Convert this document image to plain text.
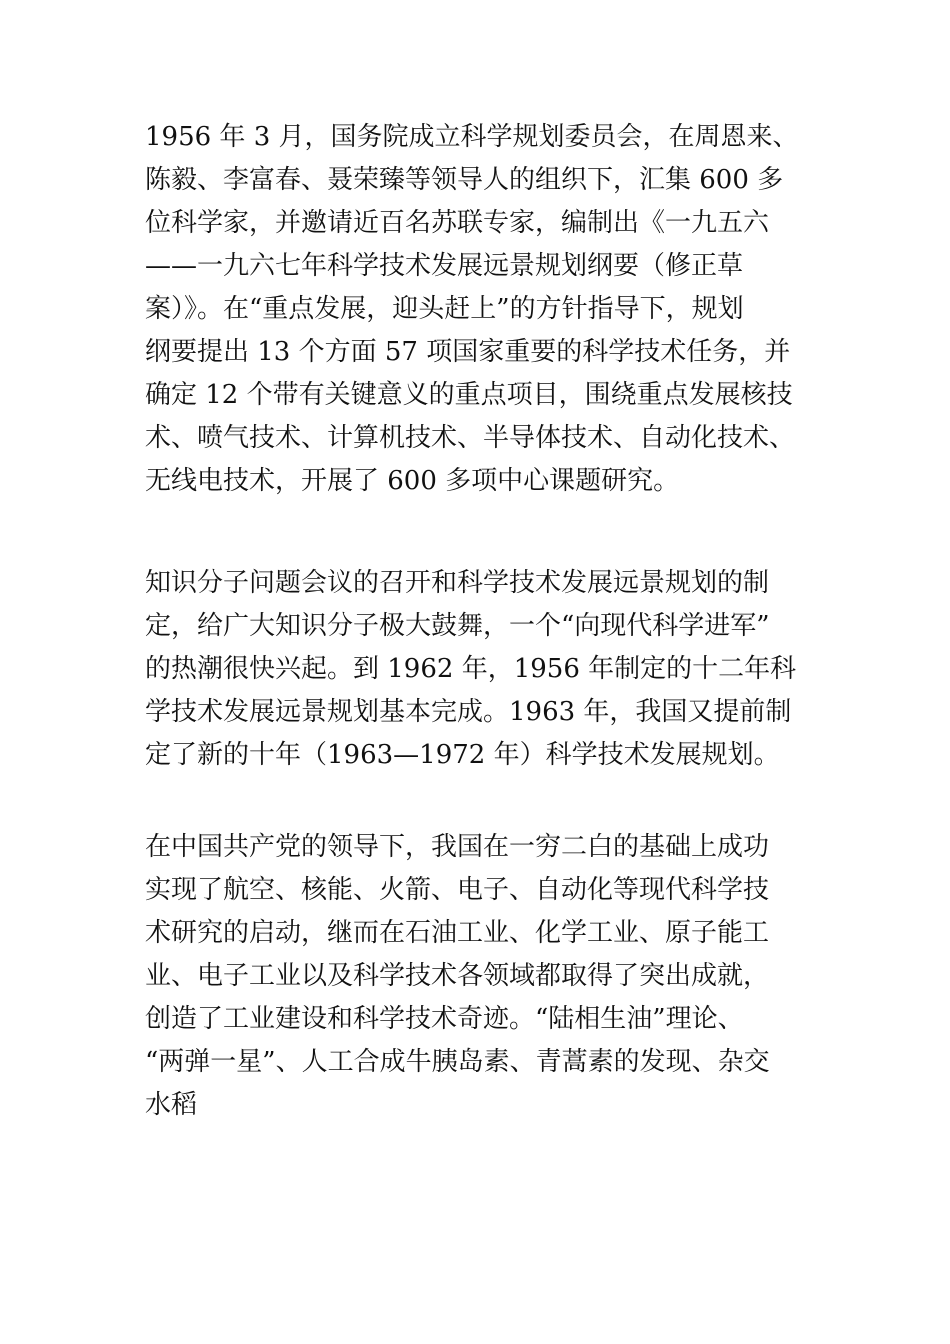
1956 年 3 月，国务院成立科学规划委员会，在周恩来、
陈毅、李富春、聂荣臻等领导人的组织下，汇集 600 多
位科学家，并邀请近百名苏联专家，编制出《一九五六
——一九六七年科学技术发展远景规划纲要（修正草
案）》。在“重点发展，迎头赶上”的方针指导下，规划
纲要提出 13 个方面 57 项国家重要的科学技术任务，并
确定 12 个带有关键意义的重点项目，围绕重点发展核技
术、喷气技术、计算机技术、半导体技术、自动化技术、
无线电技术，开展了 600 多项中心课题研究。
知识分子问题会议的召开和科学技术发展远景规划的制
定，给广大知识分子极大鼓舞，一个“向现代科学进军”
的热潮很快兴起。到 1962 年，1956 年制定的十二年科
学技术发展远景规划基本完成。1963 年，我国又提前制
定了新的十年（1963—1972 年）科学技术发展规划。
在中国共产党的领导下，我国在一穷二白的基础上成功
实现了航空、核能、火箭、电子、自动化等现代科学技
术研究的启动，继而在石油工业、化学工业、原子能工
业、电子工业以及科学技术各领域都取得了突出成就，
创造了工业建设和科学技术奇迹。“陆相生油”理论、
“两弹一星”、人工合成牛胰岛素、青蒿素的发现、杂交
水稻
